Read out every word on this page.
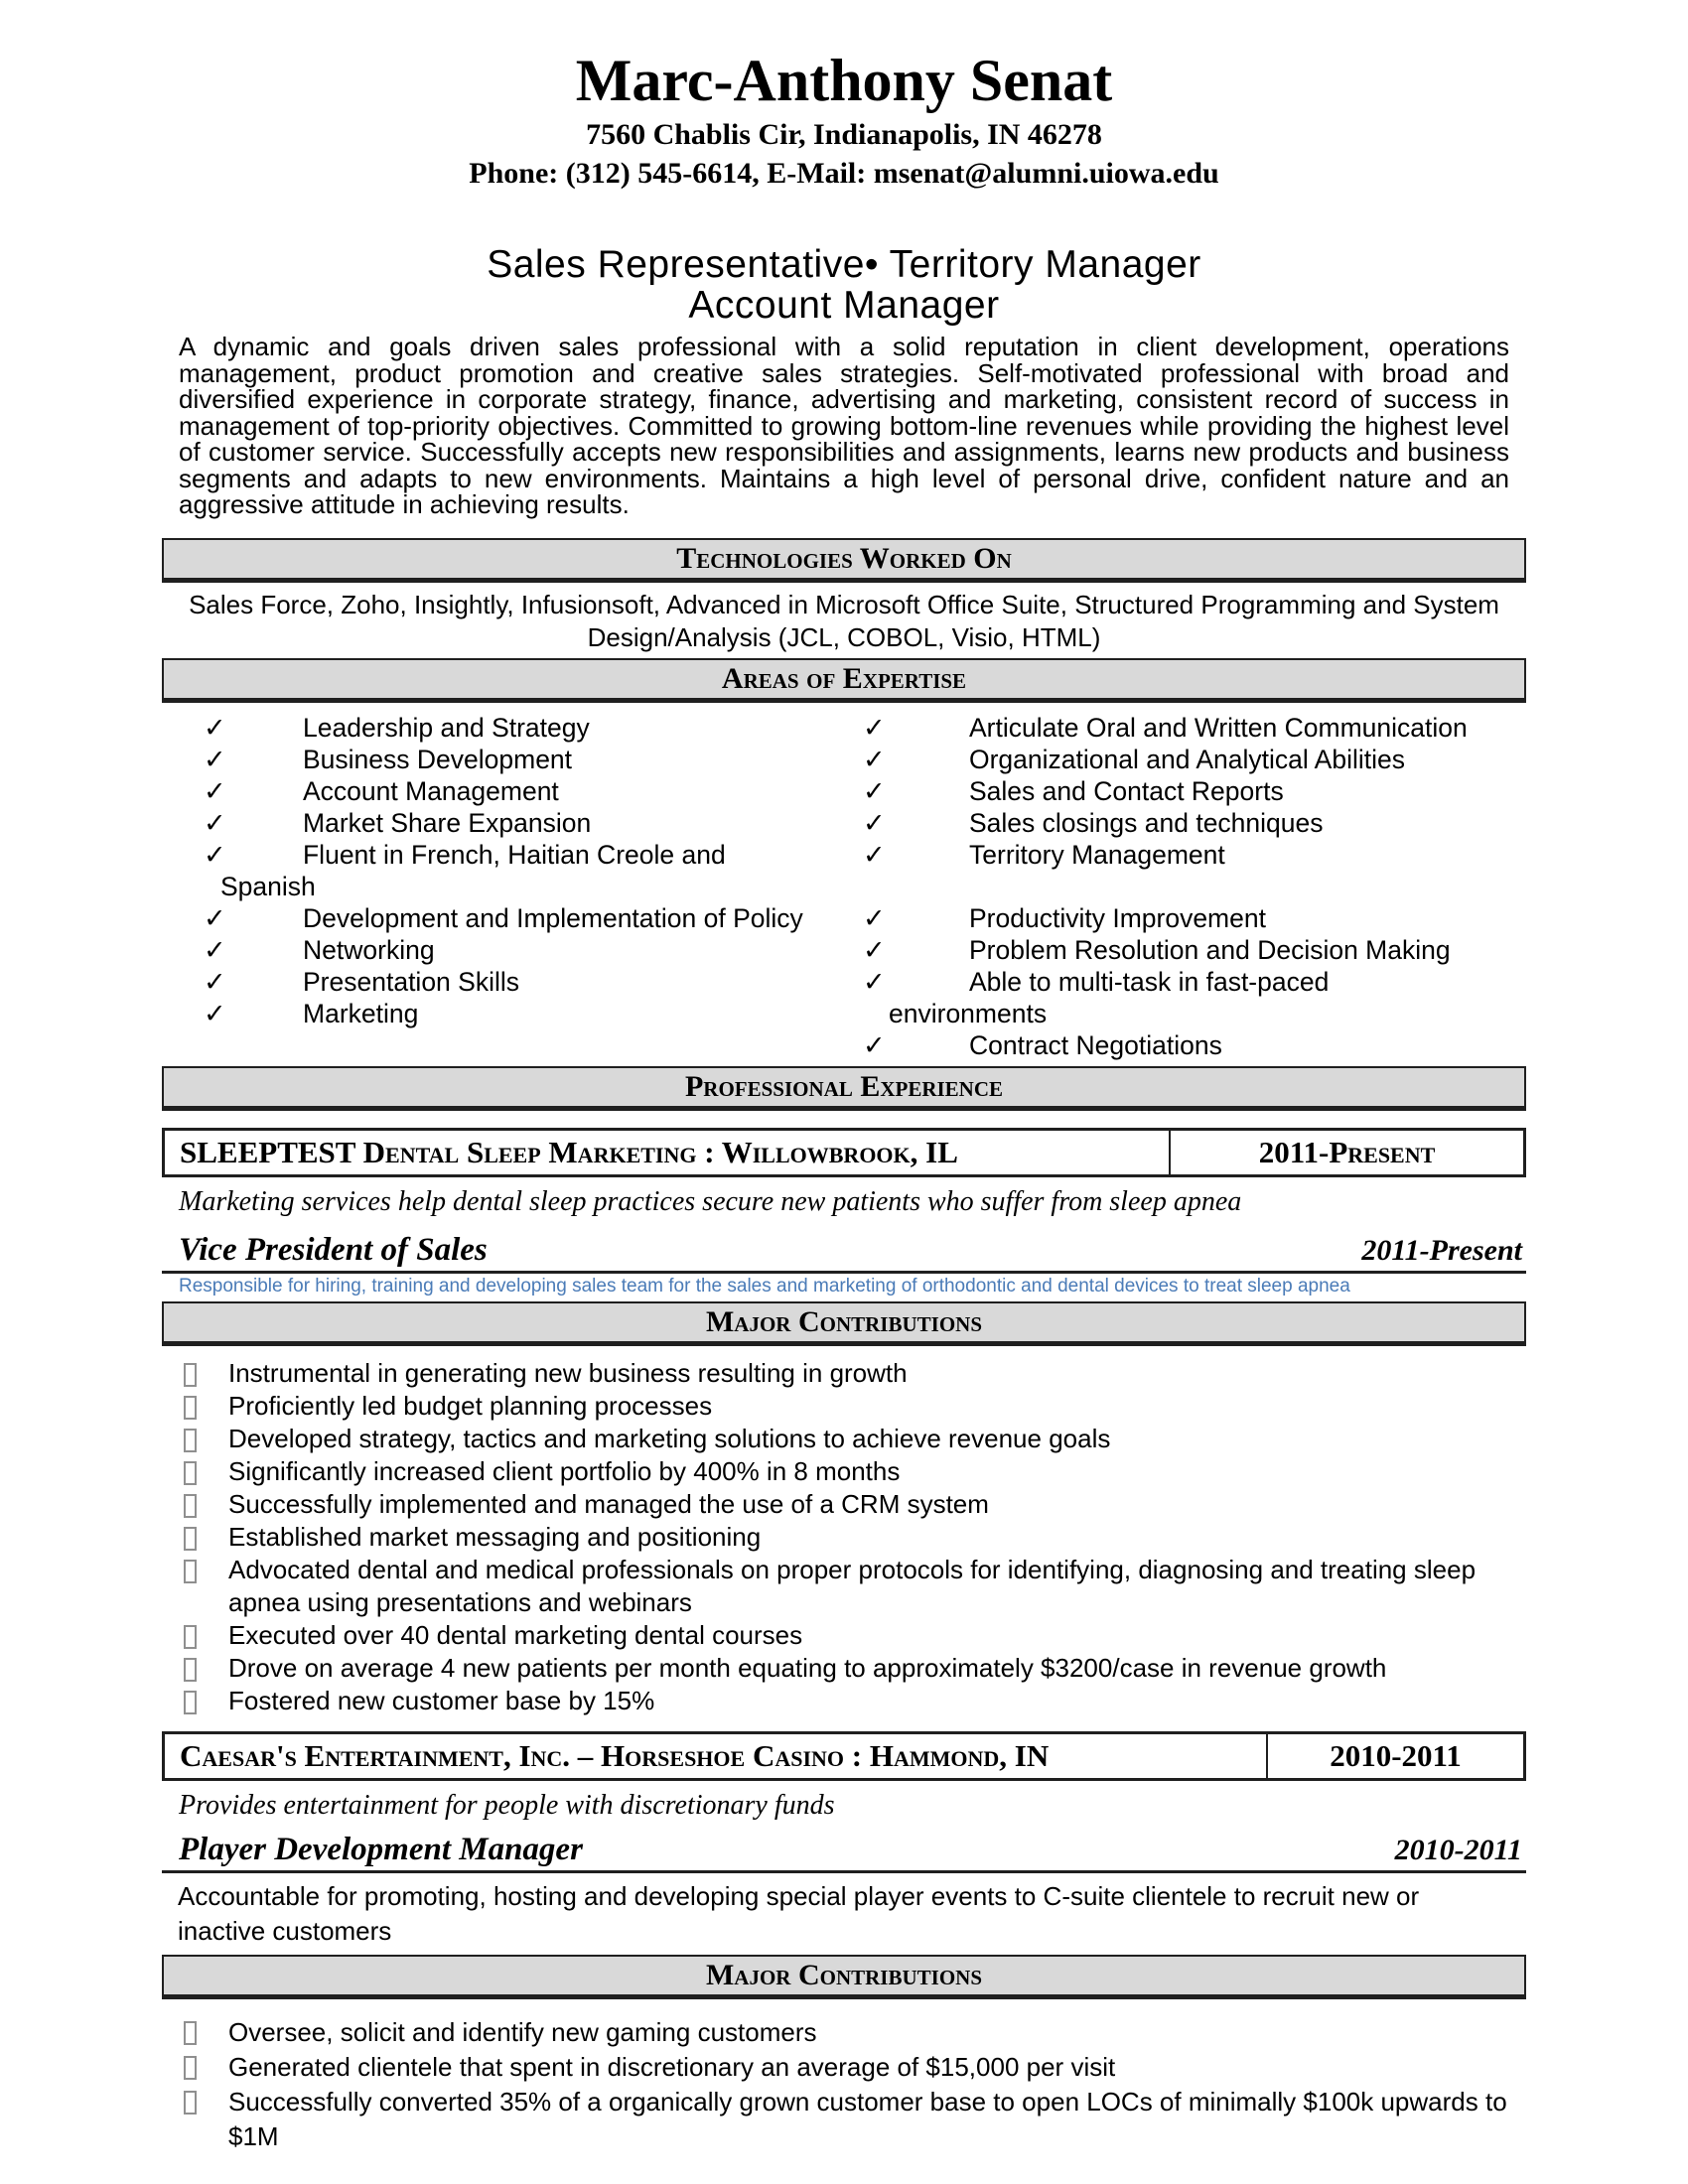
Marc-Anthony Senat
7560 Chablis Cir, Indianapolis, IN 46278
Phone: (312) 545-6614, E-Mail: msenat@alumni.uiowa.edu
Sales Representative• Territory Manager
Account Manager

A dynamic and goals driven sales professional with a solid reputation in client development, operations management, product promotion and creative sales strategies. Self-motivated professional with broad and diversified experience in corporate strategy, finance, advertising and marketing, consistent record of success in management of top-priority objectives. Committed to growing bottom-line revenues while providing the highest level of customer service. Successfully accepts new responsibilities and assignments, learns new products and business segments and adapts to new environments. Maintains a high level of personal drive, confident nature and an aggressive attitude in achieving results.

Technologies Worked On
Sales Force, Zoho, Insightly, Infusionsoft, Advanced in Microsoft Office Suite, Structured Programming and System Design/Analysis (JCL, COBOL, Visio, HTML)
Areas of Expertise
✓	Leadership and Strategy
✓	Business Development
✓	Account Management
✓	Market Share Expansion
✓	Fluent in French, Haitian Creole and
Spanish
✓	Development and Implementation of Policy
✓	Networking
✓	Presentation Skills
✓	Marketing
✓	Articulate Oral and Written Communication
✓	Organizational and Analytical Abilities
✓	Sales and Contact Reports
✓	Sales closings and techniques
✓	Territory Management
✓	Productivity Improvement
✓	Problem Resolution and Decision Making
✓	Able to multi-task in fast-paced
environments
✓	Contract Negotiations
Professional Experience
SLEEPTEST Dental Sleep Marketing : Willowbrook, IL	2011-Present
Marketing services help dental sleep practices secure new patients who suffer from sleep apnea
Vice President of Sales	2011-Present
Responsible for hiring, training and developing sales team for the sales and marketing of orthodontic and dental devices to treat sleep apnea
Major Contributions
Instrumental in generating new business resulting in growth
Proficiently led budget planning processes
Developed strategy, tactics and marketing solutions to achieve revenue goals
Significantly increased client portfolio by 400% in 8 months
Successfully implemented and managed the use of a CRM system
Established market messaging and positioning
Advocated dental and medical professionals on proper protocols for identifying, diagnosing and treating sleep apnea using presentations and webinars
Executed over 40 dental marketing dental courses
Drove on average 4 new patients per month equating to approximately $3200/case in revenue growth
Fostered new customer base by 15%
Caesar's Entertainment, Inc. – Horseshoe Casino : Hammond, IN	2010-2011
Provides entertainment for people with discretionary funds
Player Development Manager	2010-2011

Accountable for promoting, hosting and developing special player events to C-suite clientele to recruit new or inactive customers

Major Contributions
Oversee, solicit and identify new gaming customers
Generated clientele that spent in discretionary an average of $15,000 per visit
Successfully converted 35% of a organically grown customer base to open LOCs of minimally $100k upwards to $1M
